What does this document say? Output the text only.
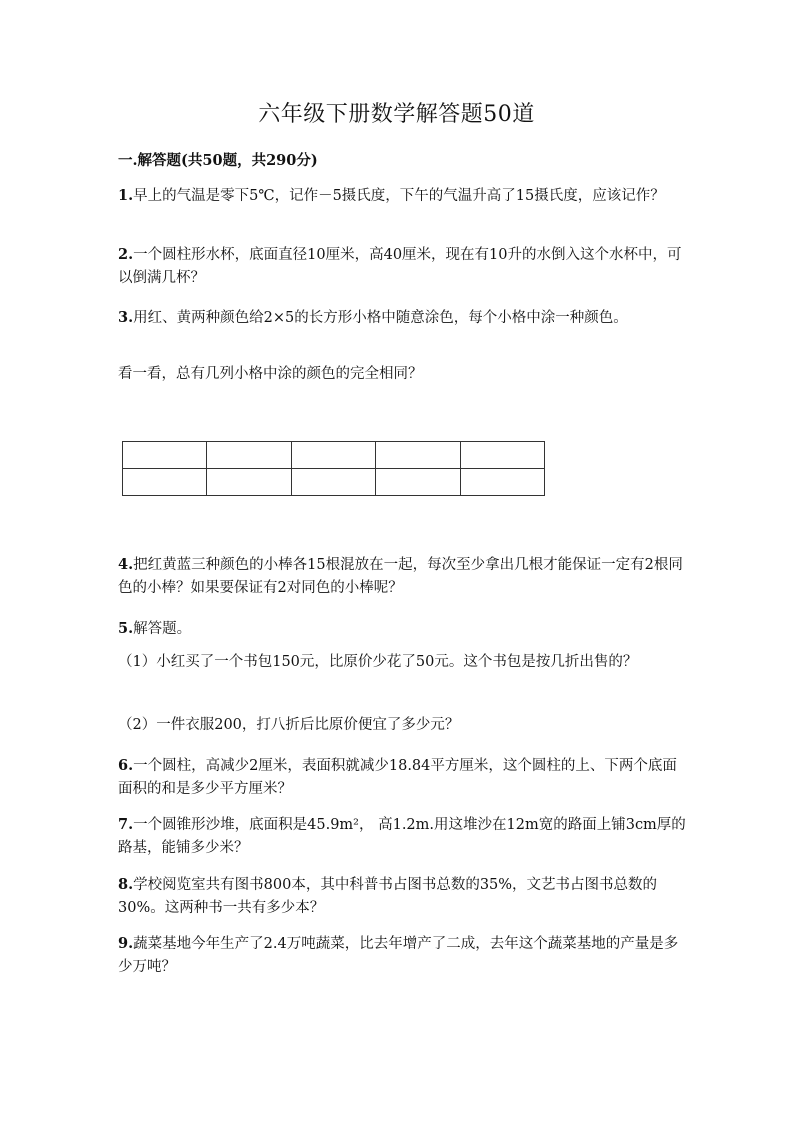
六年级下册数学解答题50道
一.解答题(共50题，共290分)
1.早上的气温是零下5℃，记作－5摄氏度，下午的气温升高了15摄氏度，应该记作？
2.一个圆柱形水杯，底面直径10厘米，高40厘米，现在有10升的水倒入这个水杯中，可以倒满几杯？
3.用红、黄两种颜色给2×5的长方形小格中随意涂色，每个小格中涂一种颜色。
看一看，总有几列小格中涂的颜色的完全相同？

4.把红黄蓝三种颜色的小棒各15根混放在一起，每次至少拿出几根才能保证一定有2根同色的小棒？如果要保证有2对同色的小棒呢？
5.解答题。
（1）小红买了一个书包150元，比原价少花了50元。这个书包是按几折出售的？
（2）一件衣服200，打八折后比原价便宜了多少元？
6.一个圆柱，高减少2厘米，表面积就减少18.84平方厘米，这个圆柱的上、下两个底面面积的和是多少平方厘米？
7.一个圆锥形沙堆，底面积是45.9m²， 高1.2m.用这堆沙在12m宽的路面上铺3cm厚的路基，能铺多少米？
8.学校阅览室共有图书800本，其中科普书占图书总数的35%，文艺书占图书总数的30%。这两种书一共有多少本？
9.蔬菜基地今年生产了2.4万吨蔬菜，比去年增产了二成，去年这个蔬菜基地的产量是多少万吨？
